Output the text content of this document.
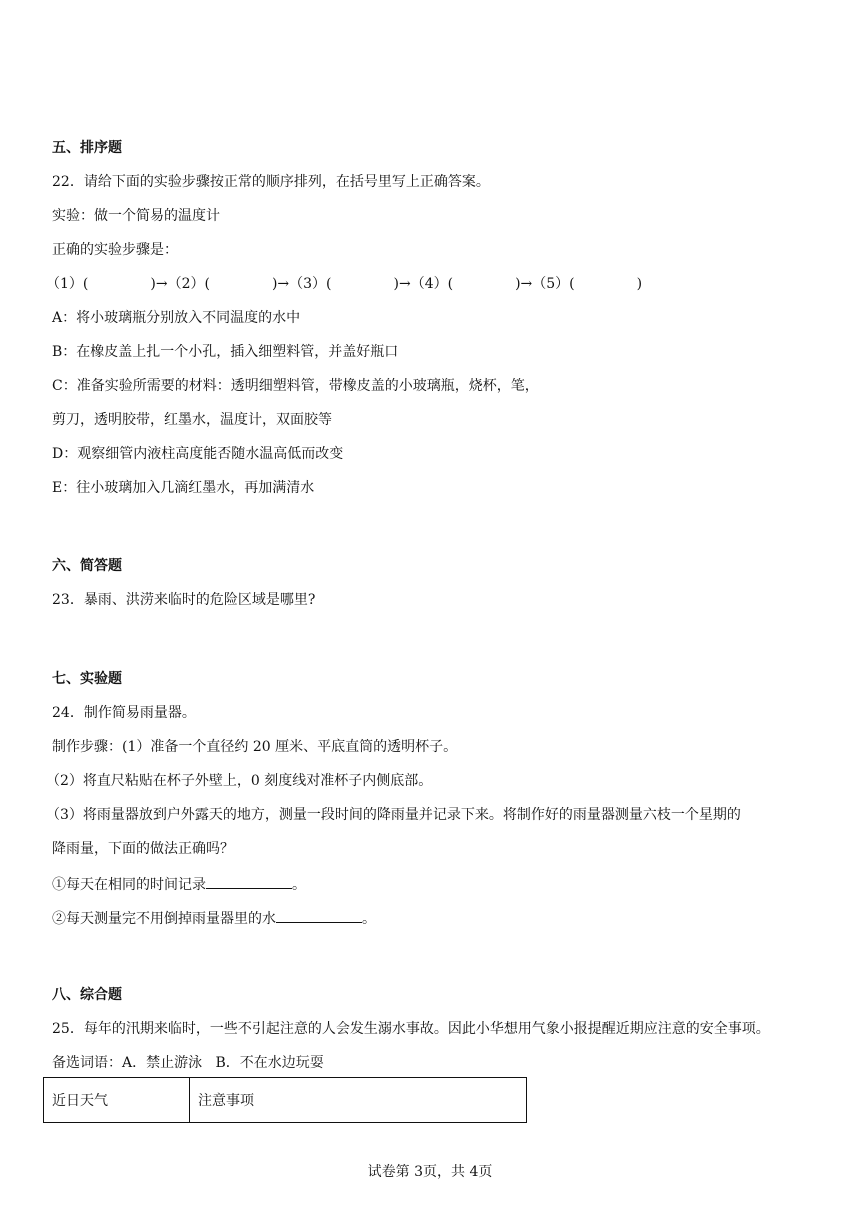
五、排序题
22．请给下面的实验步骤按正常的顺序排列，在括号里写上正确答案。
实验：做一个简易的温度计
正确的实验步骤是：
（1）(	)→（2）(	)→（3）(	)→（4）(	)→（5）(	)
A：将小玻璃瓶分别放入不同温度的水中
B：在橡皮盖上扎一个小孔，插入细塑料管，并盖好瓶口
C：准备实验所需要的材料：透明细塑料管，带橡皮盖的小玻璃瓶，烧杯，笔，
剪刀，透明胶带，红墨水，温度计，双面胶等
D：观察细管内液柱高度能否随水温高低而改变
E：往小玻璃加入几滴红墨水，再加满清水
六、简答题
23．暴雨、洪涝来临时的危险区域是哪里?
七、实验题
24．制作简易雨量器。
制作步骤：(1）准备一个直径约 20 厘米、平底直筒的透明杯子。
（2）将直尺粘贴在杯子外壁上，0 刻度线对准杯子内侧底部。
（3）将雨量器放到户外露天的地方，测量一段时间的降雨量并记录下来。将制作好的雨量器测量六枝一个星期的
降雨量，下面的做法正确吗？
①每天在相同的时间记录	。
②每天测量完不用倒掉雨量器里的水	。
八、综合题
25．每年的汛期来临时，一些不引起注意的人会发生溺水事故。因此小华想用气象小报提醒近期应注意的安全事项。
备选词语：A．禁止游泳   B．不在水边玩耍
近日天气	注意事项
试卷第 3页，共 4页
